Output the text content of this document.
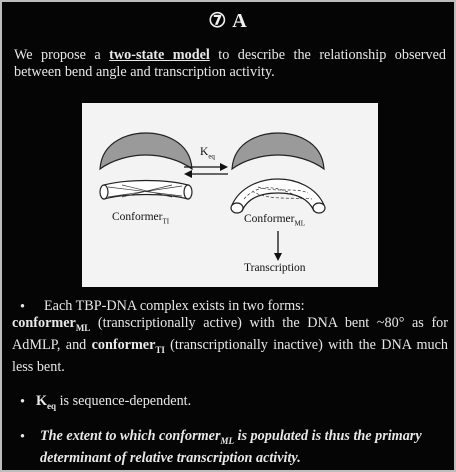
⑦ A
We propose a two-state model to describe the relationship observed between bend angle and transcription activity.
$K_{eq}$
Conformer$_{TI}$	Conformer$_{ML}$
Transcription
•	Each TBP-DNA complex exists in two forms:
conformer$_{ML}$ (transcriptionally active) with the DNA bent ~80° as for AdMLP, and conformer$_{TI}$ (transcriptionally inactive) with the DNA much less bent.
• $K_{eq}$ is sequence-dependent.
•	The extent to which conformer$_{ML}$ is populated is thus the primary determinant of relative transcription activity.
